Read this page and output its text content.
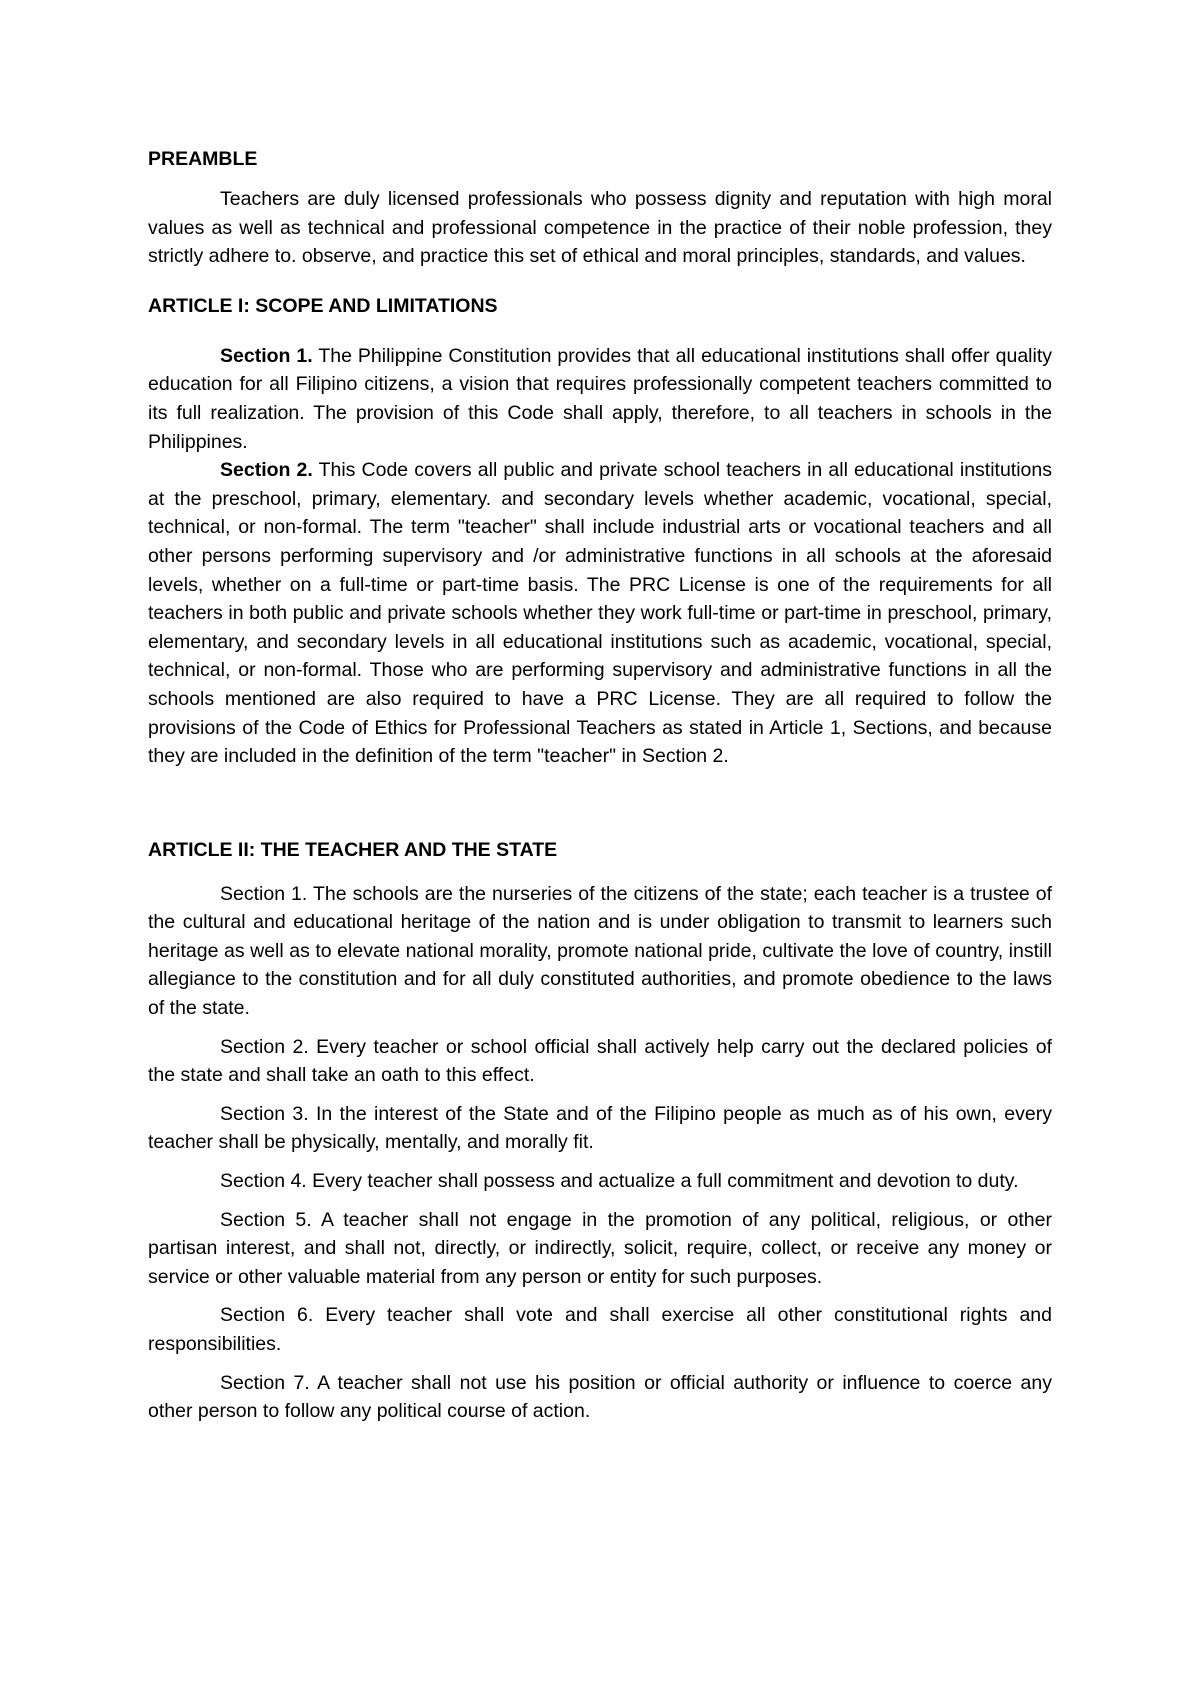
PREAMBLE

Teachers are duly licensed professionals who possess dignity and reputation with high moral values as well as technical and professional competence in the practice of their noble profession, they strictly adhere to. observe, and practice this set of ethical and moral principles, standards, and values.

ARTICLE I: SCOPE AND LIMITATIONS

Section 1. The Philippine Constitution provides that all educational institutions shall offer quality education for all Filipino citizens, a vision that requires professionally competent teachers committed to its full realization. The provision of this Code shall apply, therefore, to all teachers in schools in the Philippines.

Section 2. This Code covers all public and private school teachers in all educational institutions at the preschool, primary, elementary. and secondary levels whether academic, vocational, special, technical, or non-formal. The term "teacher" shall include industrial arts or vocational teachers and all other persons performing supervisory and /or administrative functions in all schools at the aforesaid levels, whether on a full-time or part-time basis. The PRC License is one of the requirements for all teachers in both public and private schools whether they work full-time or part-time in preschool, primary, elementary, and secondary levels in all educational institutions such as academic, vocational, special, technical, or non-formal. Those who are performing supervisory and administrative functions in all the schools mentioned are also required to have a PRC License. They are all required to follow the provisions of the Code of Ethics for Professional Teachers as stated in Article 1, Sections, and because they are included in the definition of the term "teacher" in Section 2.

ARTICLE II: THE TEACHER AND THE STATE

Section 1. The schools are the nurseries of the citizens of the state; each teacher is a trustee of the cultural and educational heritage of the nation and is under obligation to transmit to learners such heritage as well as to elevate national morality, promote national pride, cultivate the love of country, instill allegiance to the constitution and for all duly constituted authorities, and promote obedience to the laws of the state.

Section 2. Every teacher or school official shall actively help carry out the declared policies of the state and shall take an oath to this effect.

Section 3. In the interest of the State and of the Filipino people as much as of his own, every teacher shall be physically, mentally, and morally fit.

Section 4. Every teacher shall possess and actualize a full commitment and devotion to duty.

Section 5. A teacher shall not engage in the promotion of any political, religious, or other partisan interest, and shall not, directly, or indirectly, solicit, require, collect, or receive any money or service or other valuable material from any person or entity for such purposes.

Section 6. Every teacher shall vote and shall exercise all other constitutional rights and responsibilities.

Section 7. A teacher shall not use his position or official authority or influence to coerce any other person to follow any political course of action.
